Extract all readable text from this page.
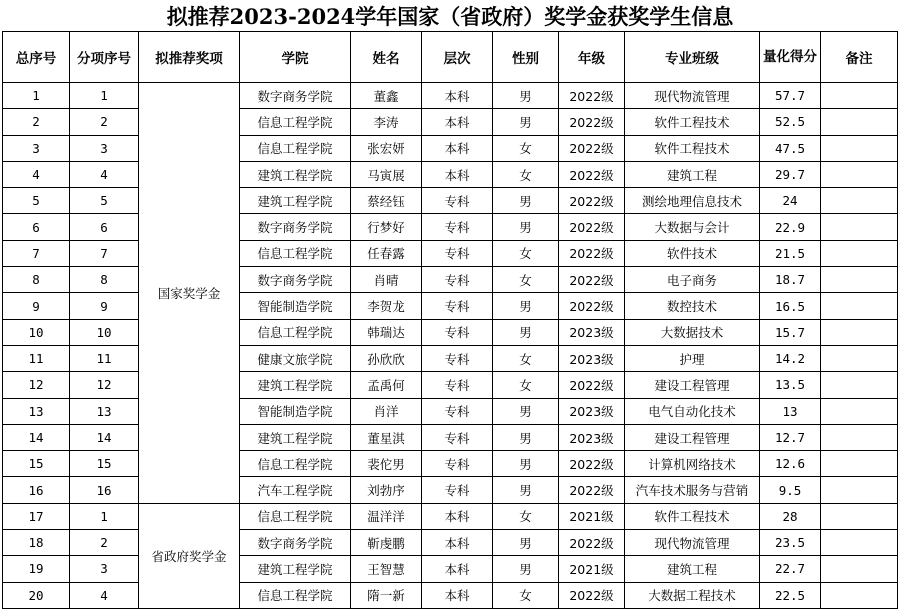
拟推荐2023-2024学年国家（省政府）奖学金获奖学生信息
总序号	分项序号	拟推荐奖项	学院	姓名	层次	性别	年级	专业班级	量化得分	备注
1	1	国家奖学金	数字商务学院	董鑫	本科	男	2022级	现代物流管理	57.7	
2	2		信息工程学院	李涛	本科	男	2022级	软件工程技术	52.5	
3	3		信息工程学院	张宏妍	本科	女	2022级	软件工程技术	47.5	
4	4		建筑工程学院	马寅展	本科	女	2022级	建筑工程	29.7	
5	5		建筑工程学院	蔡经钰	专科	男	2022级	测绘地理信息技术	24	
6	6		数字商务学院	行梦好	专科	男	2022级	大数据与会计	22.9	
7	7		信息工程学院	任春露	专科	女	2022级	软件技术	21.5	
8	8		数字商务学院	肖晴	专科	女	2022级	电子商务	18.7	
9	9		智能制造学院	李贺龙	专科	男	2022级	数控技术	16.5	
10	10		信息工程学院	韩瑞达	专科	男	2023级	大数据技术	15.7	
11	11		健康文旅学院	孙欣欣	专科	女	2023级	护理	14.2	
12	12		建筑工程学院	孟禹何	专科	女	2022级	建设工程管理	13.5	
13	13		智能制造学院	肖洋	专科	男	2023级	电气自动化技术	13	
14	14		建筑工程学院	董星淇	专科	男	2023级	建设工程管理	12.7	
15	15		信息工程学院	裴佗男	专科	男	2022级	计算机网络技术	12.6	
16	16		汽车工程学院	刘勃序	专科	男	2022级	汽车技术服务与营销	9.5	
17	1	省政府奖学金	信息工程学院	温洋洋	本科	女	2021级	软件工程技术	28	
18	2		数字商务学院	靳虔鹏	本科	男	2022级	现代物流管理	23.5	
19	3		建筑工程学院	王智慧	本科	男	2021级	建筑工程	22.7	
20	4		信息工程学院	隋一新	本科	女	2022级	大数据工程技术	22.5	
